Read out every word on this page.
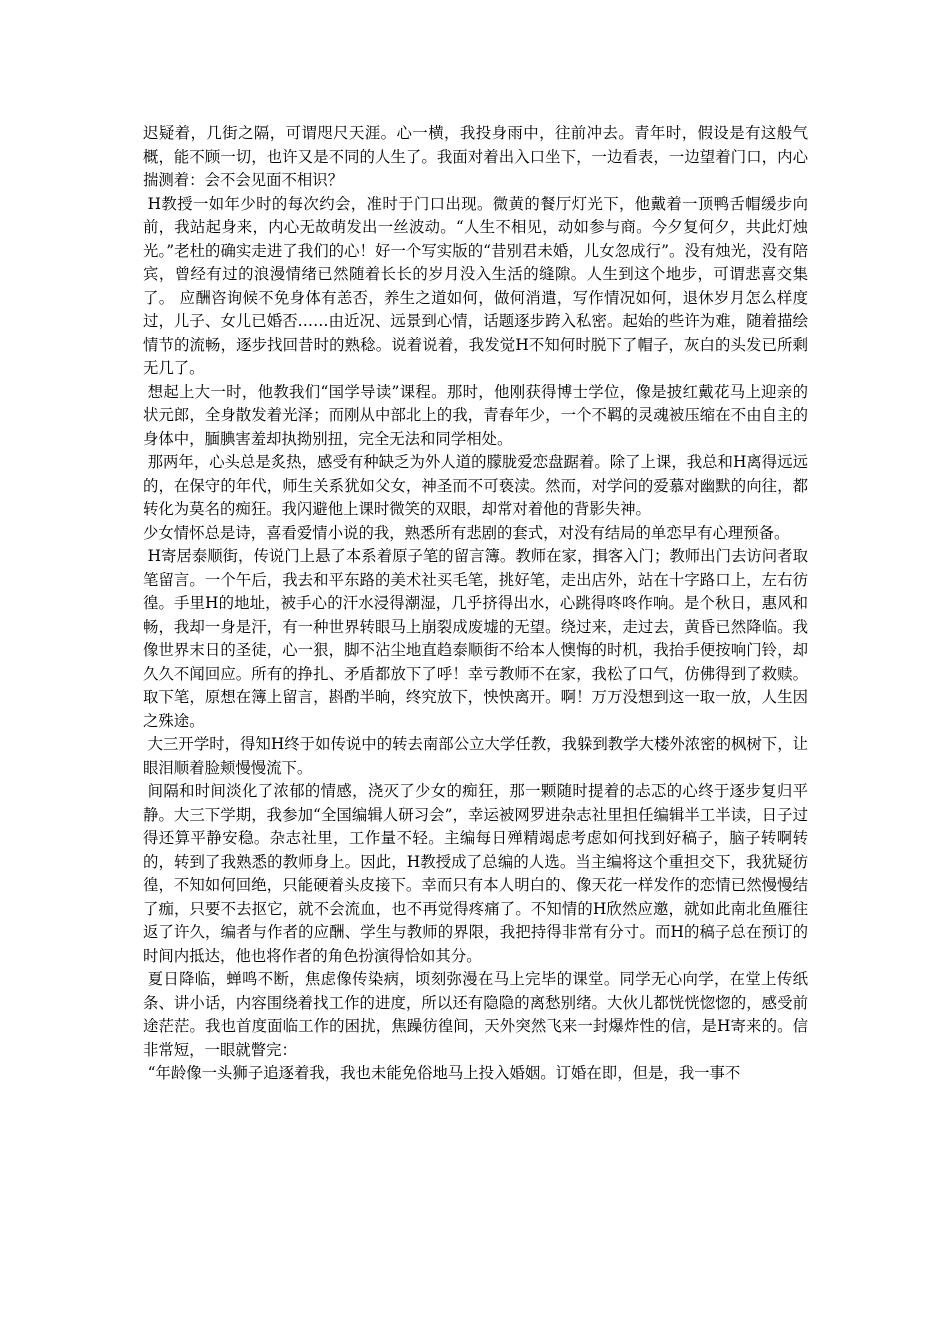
迟疑着，几街之隔，可谓咫尺天涯。心一横，我投身雨中，往前冲去。青年时，假设是有这般气概，能不顾一切，也许又是不同的人生了。我面对着出入口坐下，一边看表，一边望着门口，内心揣测着：会不会见面不相识？

H教授一如年少时的每次约会，准时于门口出现。微黄的餐厅灯光下，他戴着一顶鸭舌帽缓步向前，我站起身来，内心无故萌发出一丝波动。“人生不相见，动如参与商。今夕复何夕，共此灯烛光。”老杜的确实走进了我们的心！好一个写实版的“昔别君未婚，儿女忽成行”。没有烛光，没有陪宾，曾经有过的浪漫情绪已然随着长长的岁月没入生活的缝隙。人生到这个地步，可谓悲喜交集了。 应酬咨询候不免身体有恙否，养生之道如何，做何消遣，写作情况如何，退休岁月怎么样度过，儿子、女儿已婚否……由近况、远景到心情，话题逐步跨入私密。起始的些许为难，随着描绘情节的流畅，逐步找回昔时的熟稔。说着说着，我发觉H不知何时脱下了帽子，灰白的头发已所剩无几了。

想起上大一时，他教我们“国学导读”课程。那时，他刚获得博士学位，像是披红戴花马上迎亲的状元郎，全身散发着光泽；而刚从中部北上的我，青春年少，一个不羁的灵魂被压缩在不由自主的身体中，腼腆害羞却执拗别扭，完全无法和同学相处。

那两年，心头总是炙热，感受有种缺乏为外人道的朦胧爱恋盘踞着。除了上课，我总和H离得远远的，在保守的年代，师生关系犹如父女，神圣而不可亵渎。然而，对学问的爱慕对幽默的向往，都转化为莫名的痴狂。我闪避他上课时微笑的双眼，却常对着他的背影失神。

少女情怀总是诗，喜看爱情小说的我，熟悉所有悲剧的套式，对没有结局的单恋早有心理预备。

H寄居泰顺街，传说门上悬了本系着原子笔的留言簿。教师在家，揖客入门；教师出门去访问者取笔留言。一个午后，我去和平东路的美术社买毛笔，挑好笔，走出店外，站在十字路口上，左右彷徨。手里H的地址，被手心的汗水浸得潮湿，几乎挤得出水，心跳得咚咚作响。是个秋日，惠风和畅，我却一身是汗，有一种世界转眼马上崩裂成废墟的无望。绕过来，走过去，黄昏已然降临。我像世界末日的圣徒，心一狠，脚不沾尘地直趋泰顺街不给本人懊悔的时机，我抬手便按响门铃，却久久不闻回应。所有的挣扎、矛盾都放下了呼！幸亏教师不在家，我松了口气，仿佛得到了救赎。取下笔，原想在簿上留言，斟酌半晌，终究放下，怏怏离开。啊！万万没想到这一取一放，人生因之殊途。

大三开学时，得知H终于如传说中的转去南部公立大学任教，我躲到教学大楼外浓密的枫树下，让眼泪顺着脸颊慢慢流下。

间隔和时间淡化了浓郁的情感，浇灭了少女的痴狂，那一颗随时提着的忐忑的心终于逐步复归平静。大三下学期，我参加“全国编辑人研习会”，幸运被网罗进杂志社里担任编辑半工半读，日子过得还算平静安稳。杂志社里，工作量不轻。主编每日殚精竭虑考虑如何找到好稿子，脑子转啊转的，转到了我熟悉的教师身上。因此，H教授成了总编的人选。当主编将这个重担交下，我犹疑彷徨，不知如何回绝，只能硬着头皮接下。幸而只有本人明白的、像天花一样发作的恋情已然慢慢结了痂，只要不去抠它，就不会流血，也不再觉得疼痛了。不知情的H欣然应邀，就如此南北鱼雁往返了许久，编者与作者的应酬、学生与教师的界限，我把持得非常有分寸。而H的稿子总在预订的时间内抵达，他也将作者的角色扮演得恰如其分。

夏日降临，蝉鸣不断，焦虑像传染病，顷刻弥漫在马上完毕的课堂。同学无心向学，在堂上传纸条、讲小话，内容围绕着找工作的进度，所以还有隐隐的离愁别绪。大伙儿都恍恍惚惚的，感受前途茫茫。我也首度面临工作的困扰，焦躁彷徨间，天外突然飞来一封爆炸性的信，是H寄来的。信非常短，一眼就瞥完：

“年龄像一头狮子追逐着我，我也未能免俗地马上投入婚姻。订婚在即，但是，我一事不
